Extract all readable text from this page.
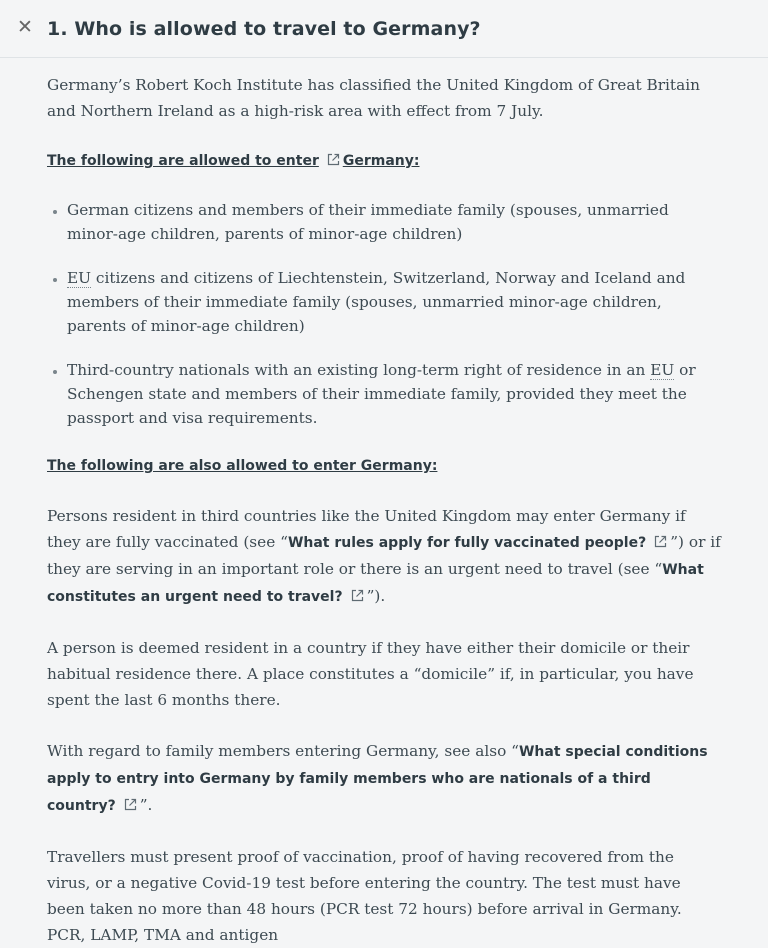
✕ 1. Who is allowed to travel to Germany?

Germany’s Robert Koch Institute has classified the United Kingdom of Great Britain and Northern Ireland as a high-risk area with effect from 7 July.

The following are allowed to enter Germany:
• German citizens and members of their immediate family (spouses, unmarried minor-age children, parents of minor-age children)
• EU citizens and citizens of Liechtenstein, Switzerland, Norway and Iceland and members of their immediate family (spouses, unmarried minor-age children, parents of minor-age children)
• Third-country nationals with an existing long-term right of residence in an EU or Schengen state and members of their immediate family, provided they meet the passport and visa requirements.
The following are also allowed to enter Germany:

Persons resident in third countries like the United Kingdom may enter Germany if they are fully vaccinated (see “What rules apply for fully vaccinated people? ”) or if they are serving in an important role or there is an urgent need to travel (see “What constitutes an urgent need to travel? ”).

A person is deemed resident in a country if they have either their domicile or their habitual residence there. A place constitutes a “domicile” if, in particular, you have spent the last 6 months there.

With regard to family members entering Germany, see also “What special conditions apply to entry into Germany by family members who are nationals of a third country? ”.

Travellers must present proof of vaccination, proof of having recovered from the virus, or a negative Covid-19 test before entering the country. The test must have been taken no more than 48 hours (PCR test 72 hours) before arrival in Germany. PCR, LAMP, TMA and antigen
